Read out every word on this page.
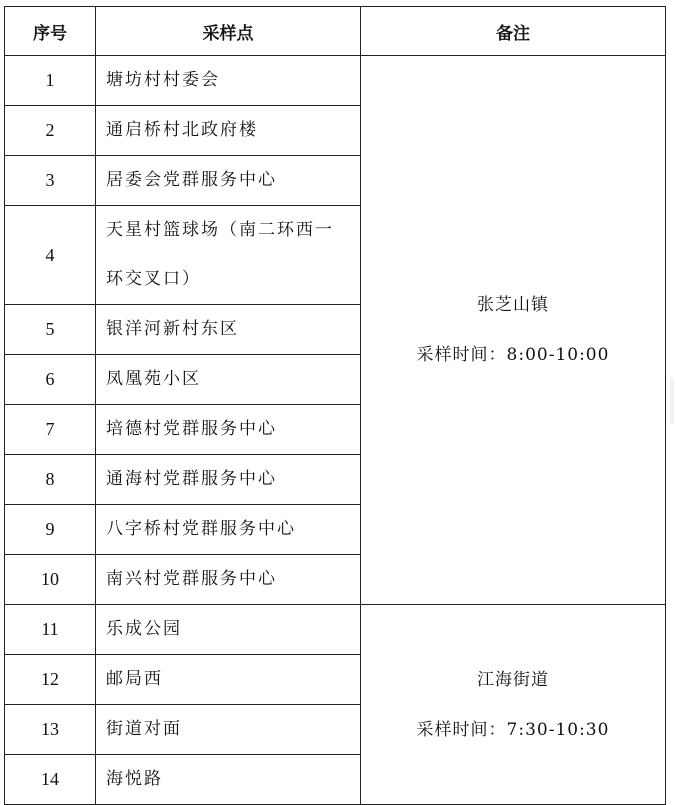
序号	采样点	备注
1	塘坊村村委会	张芝山镇
采样时间：8:00-10:00

2	通启桥村北政府楼	
3	居委会党群服务中心	
4	天星村篮球场（南二环西一环交叉口）	
5	银洋河新村东区	
6	凤凰苑小区	
7	培德村党群服务中心	
8	通海村党群服务中心	
9	八字桥村党群服务中心	
10	南兴村党群服务中心	
11	乐成公园	江海街道
采样时间：7:30-10:30

12	邮局西	
13	街道对面	
14	海悦路	
